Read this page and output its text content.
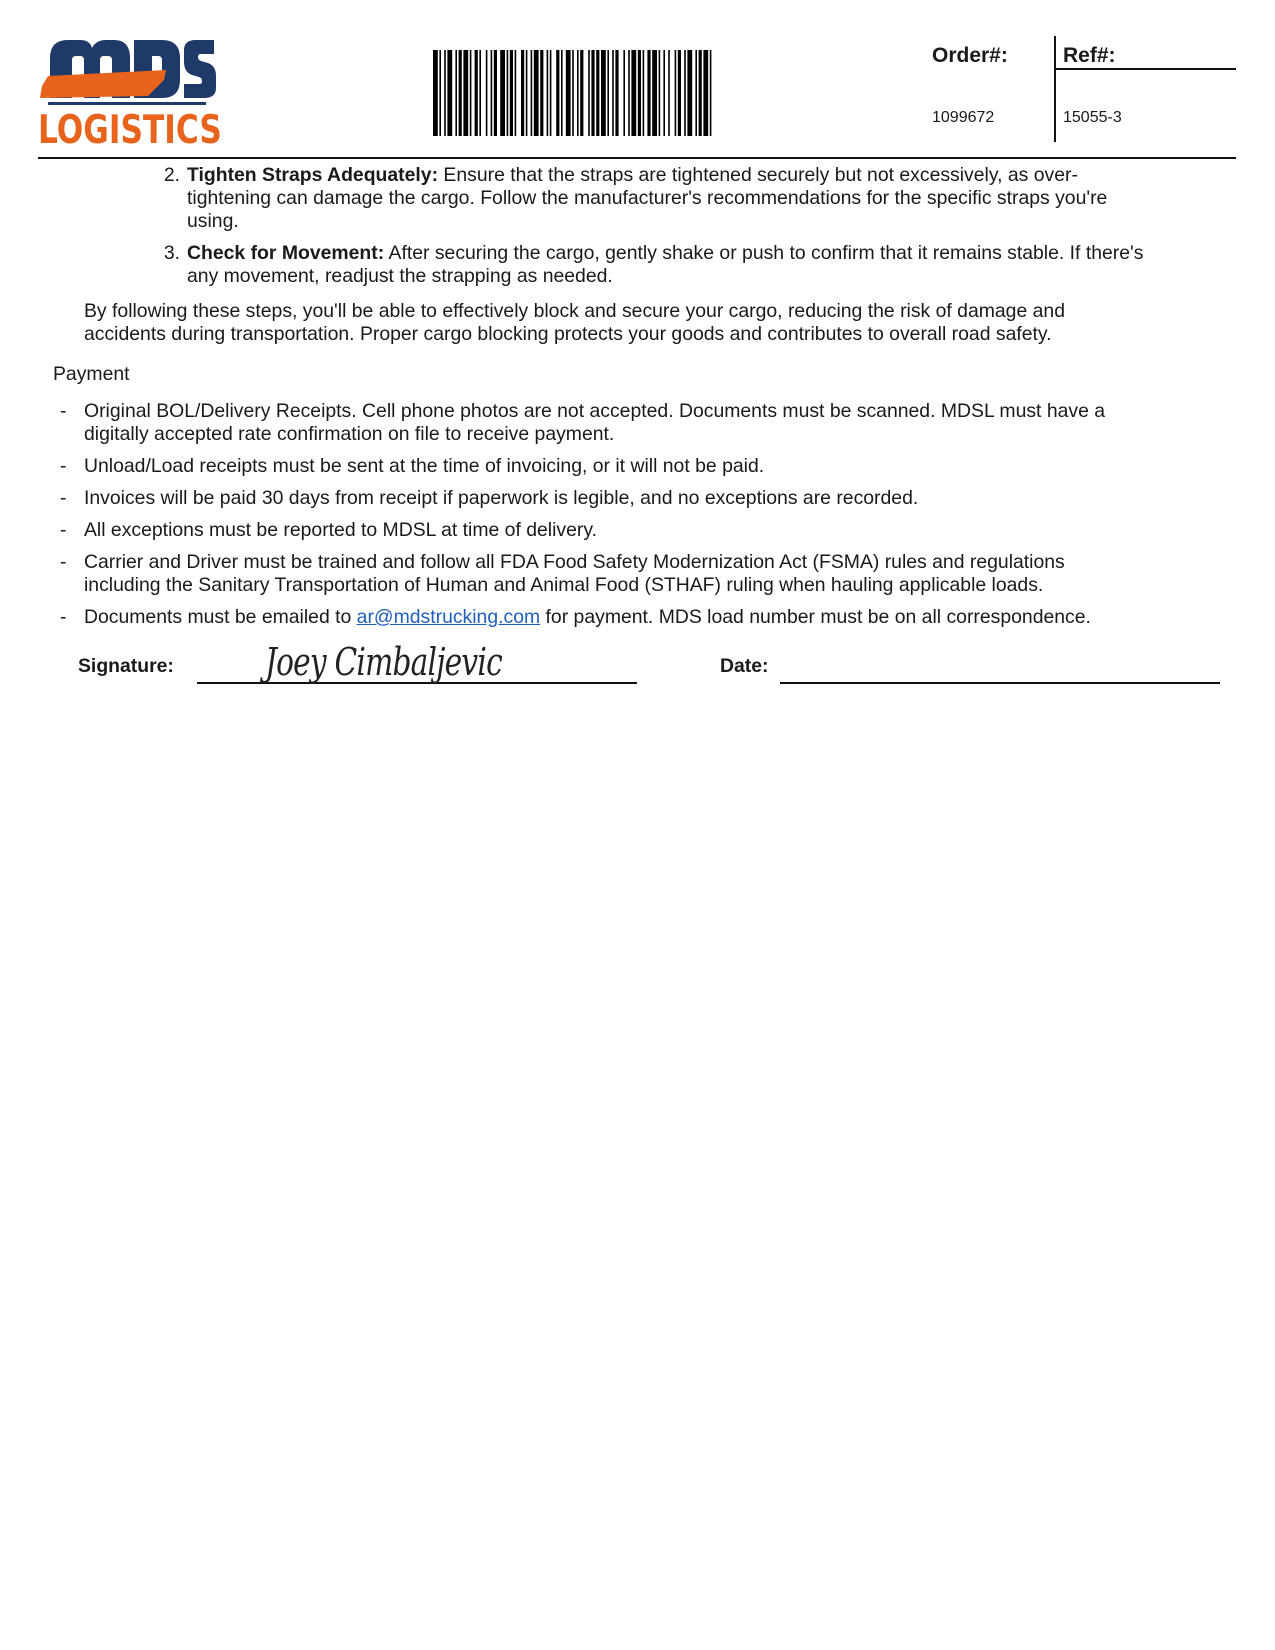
LOGISTICS
Order#:	Ref#:
1099672	15055-3
2. Tighten Straps Adequately: Ensure that the straps are tightened securely but not excessively, as over-
tightening can damage the cargo. Follow the manufacturer's recommendations for the specific straps you're
using.
3. Check for Movement: After securing the cargo, gently shake or push to confirm that it remains stable. If there's
any movement, readjust the strapping as needed.
By following these steps, you'll be able to effectively block and secure your cargo, reducing the risk of damage and
accidents during transportation. Proper cargo blocking protects your goods and contributes to overall road safety.
Payment
- Original BOL/Delivery Receipts. Cell phone photos are not accepted. Documents must be scanned. MDSL must have a
digitally accepted rate confirmation on file to receive payment.
- Unload/Load receipts must be sent at the time of invoicing, or it will not be paid.
- Invoices will be paid 30 days from receipt if paperwork is legible, and no exceptions are recorded.
- All exceptions must be reported to MDSL at time of delivery.
- Carrier and Driver must be trained and follow all FDA Food Safety Modernization Act (FSMA) rules and regulations
including the Sanitary Transportation of Human and Animal Food (STHAF) ruling when hauling applicable loads.
- Documents must be emailed to ar@mdstrucking.com for payment. MDS load number must be on all correspondence.
Signature: Joey Cimbaljevic	Date:
